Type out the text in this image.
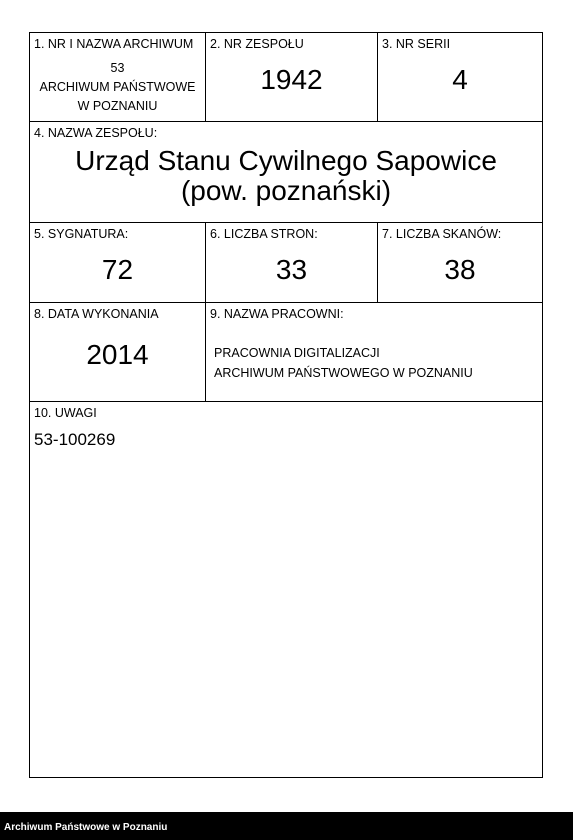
1. NR I NAZWA ARCHIWUM
53
ARCHIWUM PAŃSTWOWE
W POZNANIU
2. NR ZESPOŁU
1942
3. NR SERII
4
4. NAZWA ZESPOŁU:
Urząd Stanu Cywilnego Sapowice
(pow. poznański)
5. SYGNATURA:
72
6. LICZBA STRON:
33
7. LICZBA SKANÓW:
38
8. DATA WYKONANIA
2014
9. NAZWA PRACOWNI:
PRACOWNIA DIGITALIZACJI
ARCHIWUM PAŃSTWOWEGO W POZNANIU
10. UWAGI
53-100269
Archiwum Państwowe w Poznaniu
